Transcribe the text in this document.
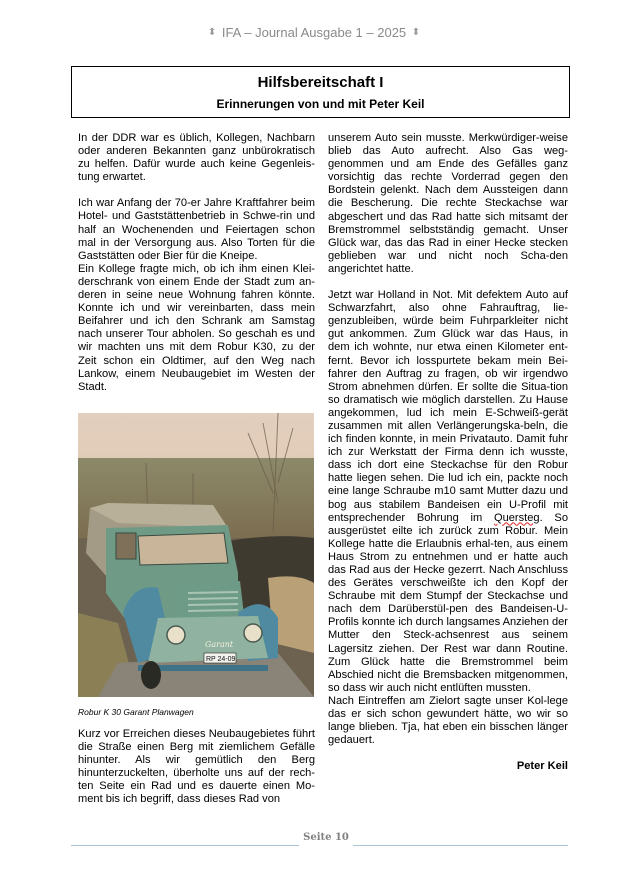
⬍ IFA – Journal Ausgabe 1 – 2025 ⬍
Hilfsbereitschaft I
Erinnerungen von und mit Peter Keil

In der DDR war es üblich, Kollegen, Nachbarn oder anderen Bekannten ganz unbürokratisch zu helfen. Dafür wurde auch keine Gegenleis-tung erwartet.

Ich war Anfang der 70-er Jahre Kraftfahrer beim Hotel- und Gaststättenbetrieb in Schwe-rin und half an Wochenenden und Feiertagen schon mal in der Versorgung aus. Also Torten für die Gaststätten oder Bier für die Kneipe.

Ein Kollege fragte mich, ob ich ihm einen Klei-derschrank von einem Ende der Stadt zum an-deren in seine neue Wohnung fahren könnte. Konnte ich und wir vereinbarten, dass mein Beifahrer und ich den Schrank am Samstag nach unserer Tour abholen. So geschah es und wir machten uns mit dem Robur K30, zu der Zeit schon ein Oldtimer, auf den Weg nach Lankow, einem Neubaugebiet im Westen der Stadt.

Garant
RP 24-09
Robur K 30 Garant Planwagen

Kurz vor Erreichen dieses Neubaugebietes führt die Straße einen Berg mit ziemlichem Gefälle hinunter. Als wir gemütlich den Berg hinunterzuckelten, überholte uns auf der rech-ten Seite ein Rad und es dauerte einen Mo-ment bis ich begriff, dass dieses Rad von

unserem Auto sein musste. Merkwürdiger-weise blieb das Auto aufrecht. Also Gas weg-genommen und am Ende des Gefälles ganz vorsichtig das rechte Vorderrad gegen den Bordstein gelenkt. Nach dem Aussteigen dann die Bescherung. Die rechte Steckachse war abgeschert und das Rad hatte sich mitsamt der Bremstrommel selbstständig gemacht. Unser Glück war, das das Rad in einer Hecke stecken geblieben war und nicht noch Scha-den angerichtet hatte.

Jetzt war Holland in Not. Mit defektem Auto auf Schwarzfahrt, also ohne Fahrauftrag, lie-genzubleiben, würde beim Fuhrparkleiter nicht gut ankommen. Zum Glück war das Haus, in dem ich wohnte, nur etwa einen Kilometer ent-fernt. Bevor ich losspurtete bekam mein Bei-fahrer den Auftrag zu fragen, ob wir irgendwo Strom abnehmen dürfen. Er sollte die Situa-tion so dramatisch wie möglich darstellen. Zu Hause angekommen, lud ich mein E-Schweiß-gerät zusammen mit allen Verlängerungska-beln, die ich finden konnte, in mein Privatauto. Damit fuhr ich zur Werkstatt der Firma denn ich wusste, dass ich dort eine Steckachse für den Robur hatte liegen sehen. Die lud ich ein, packte noch eine lange Schraube m10 samt Mutter dazu und bog aus stabilem Bandeisen ein U-Profil mit entsprechender Bohrung im Quersteg. So ausgerüstet eilte ich zurück zum Robur. Mein Kollege hatte die Erlaubnis erhal-ten, aus einem Haus Strom zu entnehmen und er hatte auch das Rad aus der Hecke gezerrt. Nach Anschluss des Gerätes verschweißte ich den Kopf der Schraube mit dem Stumpf der Steckachse und nach dem Darüberstül-pen des Bandeisen-U-Profils konnte ich durch langsames Anziehen der Mutter den Steck-achsenrest aus seinem Lagersitz ziehen. Der Rest war dann Routine. Zum Glück hatte die Bremstrommel beim Abschied nicht die Bremsbacken mitgenommen, so dass wir auch nicht entlüften mussten.

Nach Eintreffen am Zielort sagte unser Kol-lege das er sich schon gewundert hätte, wo wir so lange blieben. Tja, hat eben ein bisschen länger gedauert.

Peter Keil
Seite 10
